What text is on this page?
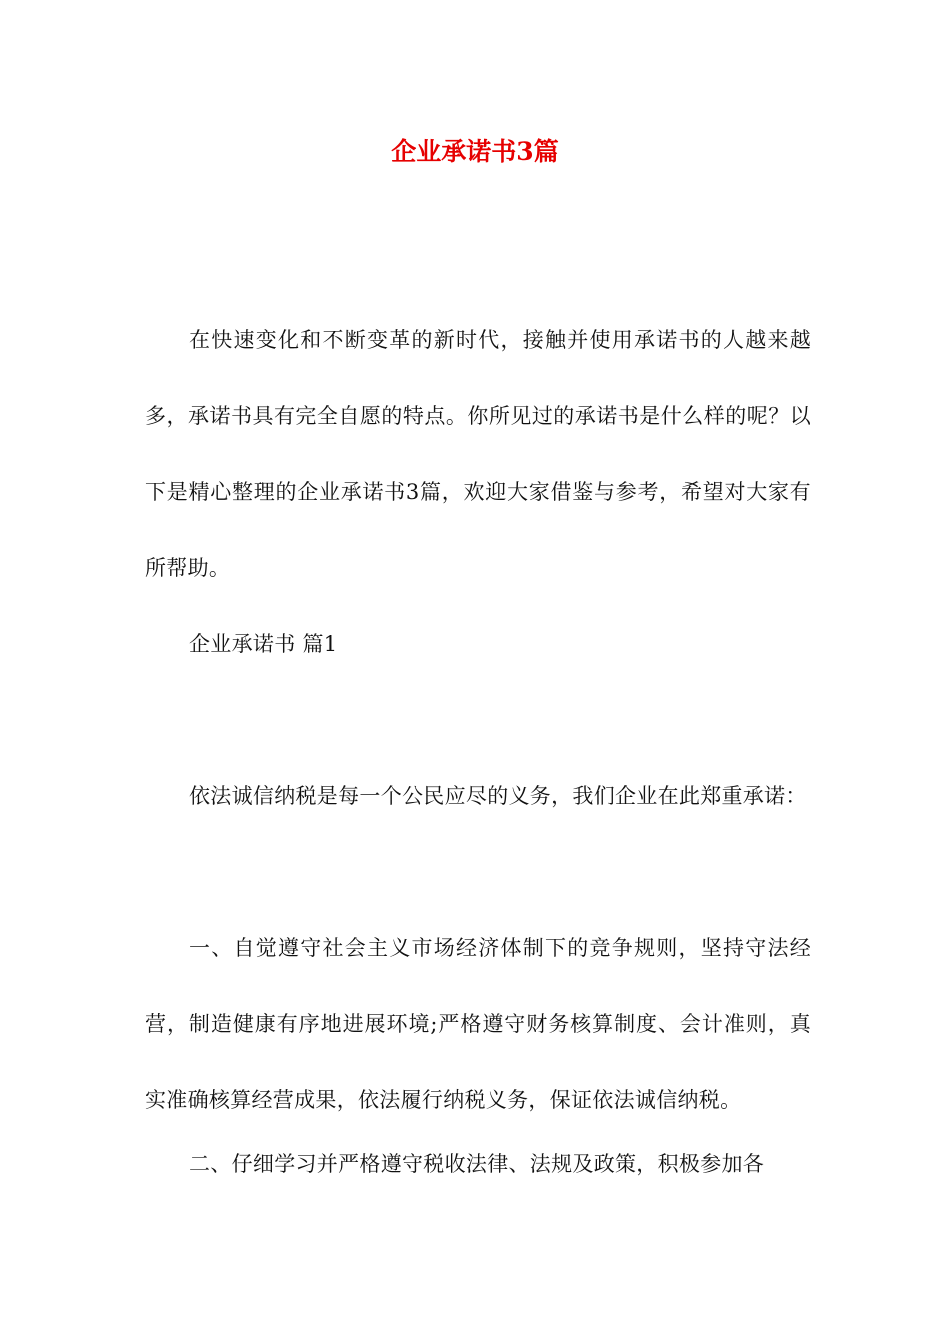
企业承诺书3篇

在快速变化和不断变革的新时代，接触并使用承诺书的人越来越多，承诺书具有完全自愿的特点。你所见过的承诺书是什么样的呢？以下是精心整理的企业承诺书3篇，欢迎大家借鉴与参考，希望对大家有所帮助。

企业承诺书 篇1

依法诚信纳税是每一个公民应尽的义务，我们企业在此郑重承诺：

一、自觉遵守社会主义市场经济体制下的竞争规则，坚持守法经营，制造健康有序地进展环境;严格遵守财务核算制度、会计准则，真实准确核算经营成果，依法履行纳税义务，保证依法诚信纳税。

二、仔细学习并严格遵守税收法律、法规及政策，积极参加各
